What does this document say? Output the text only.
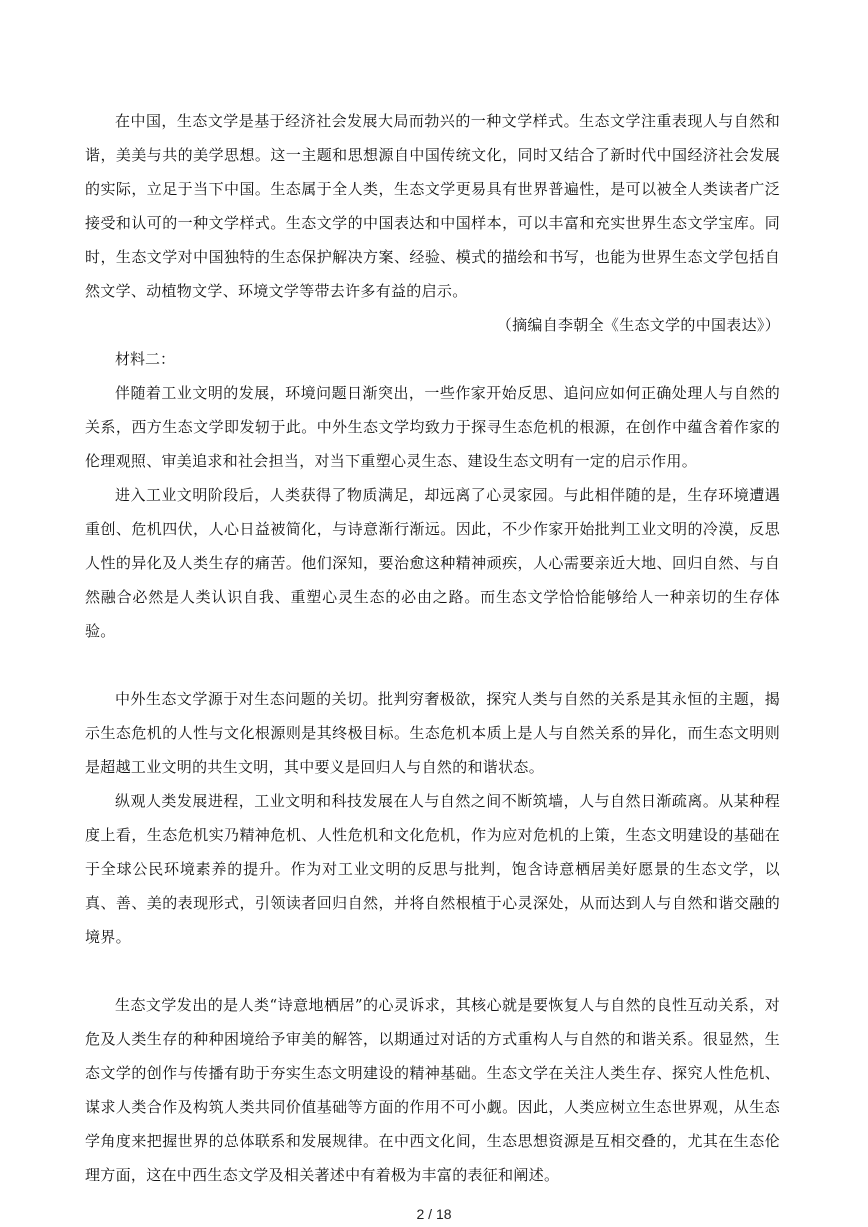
在中国，生态文学是基于经济社会发展大局而勃兴的一种文学样式。生态文学注重表现人与自然和谐，美美与共的美学思想。这一主题和思想源自中国传统文化，同时又结合了新时代中国经济社会发展的实际，立足于当下中国。生态属于全人类，生态文学更易具有世界普遍性，是可以被全人类读者广泛接受和认可的一种文学样式。生态文学的中国表达和中国样本，可以丰富和充实世界生态文学宝库。同时，生态文学对中国独特的生态保护解决方案、经验、模式的描绘和书写，也能为世界生态文学包括自然文学、动植物文学、环境文学等带去许多有益的启示。

（摘编自李朝全《生态文学的中国表达》）

材料二：

伴随着工业文明的发展，环境问题日渐突出，一些作家开始反思、追问应如何正确处理人与自然的关系，西方生态文学即发轫于此。中外生态文学均致力于探寻生态危机的根源，在创作中蕴含着作家的伦理观照、审美追求和社会担当，对当下重塑心灵生态、建设生态文明有一定的启示作用。

进入工业文明阶段后，人类获得了物质满足，却远离了心灵家园。与此相伴随的是，生存环境遭遇重创、危机四伏，人心日益被简化，与诗意渐行渐远。因此，不少作家开始批判工业文明的冷漠，反思人性的异化及人类生存的痛苦。他们深知，要治愈这种精神顽疾，人心需要亲近大地、回归自然、与自然融合必然是人类认识自我、重塑心灵生态的必由之路。而生态文学恰恰能够给人一种亲切的生存体验。

中外生态文学源于对生态问题的关切。批判穷奢极欲，探究人类与自然的关系是其永恒的主题，揭示生态危机的人性与文化根源则是其终极目标。生态危机本质上是人与自然关系的异化，而生态文明则是超越工业文明的共生文明，其中要义是回归人与自然的和谐状态。

纵观人类发展进程，工业文明和科技发展在人与自然之间不断筑墙，人与自然日渐疏离。从某种程度上看，生态危机实乃精神危机、人性危机和文化危机，作为应对危机的上策，生态文明建设的基础在于全球公民环境素养的提升。作为对工业文明的反思与批判，饱含诗意栖居美好愿景的生态文学，以真、善、美的表现形式，引领读者回归自然，并将自然根植于心灵深处，从而达到人与自然和谐交融的境界。

生态文学发出的是人类“诗意地栖居”的心灵诉求，其核心就是要恢复人与自然的良性互动关系，对危及人类生存的种种困境给予审美的解答，以期通过对话的方式重构人与自然的和谐关系。很显然，生态文学的创作与传播有助于夯实生态文明建设的精神基础。生态文学在关注人类生存、探究人性危机、谋求人类合作及构筑人类共同价值基础等方面的作用不可小觑。因此，人类应树立生态世界观，从生态学角度来把握世界的总体联系和发展规律。在中西文化间，生态思想资源是互相交叠的，尤其在生态伦理方面，这在中西生态文学及相关著述中有着极为丰富的表征和阐述。

2 / 18
